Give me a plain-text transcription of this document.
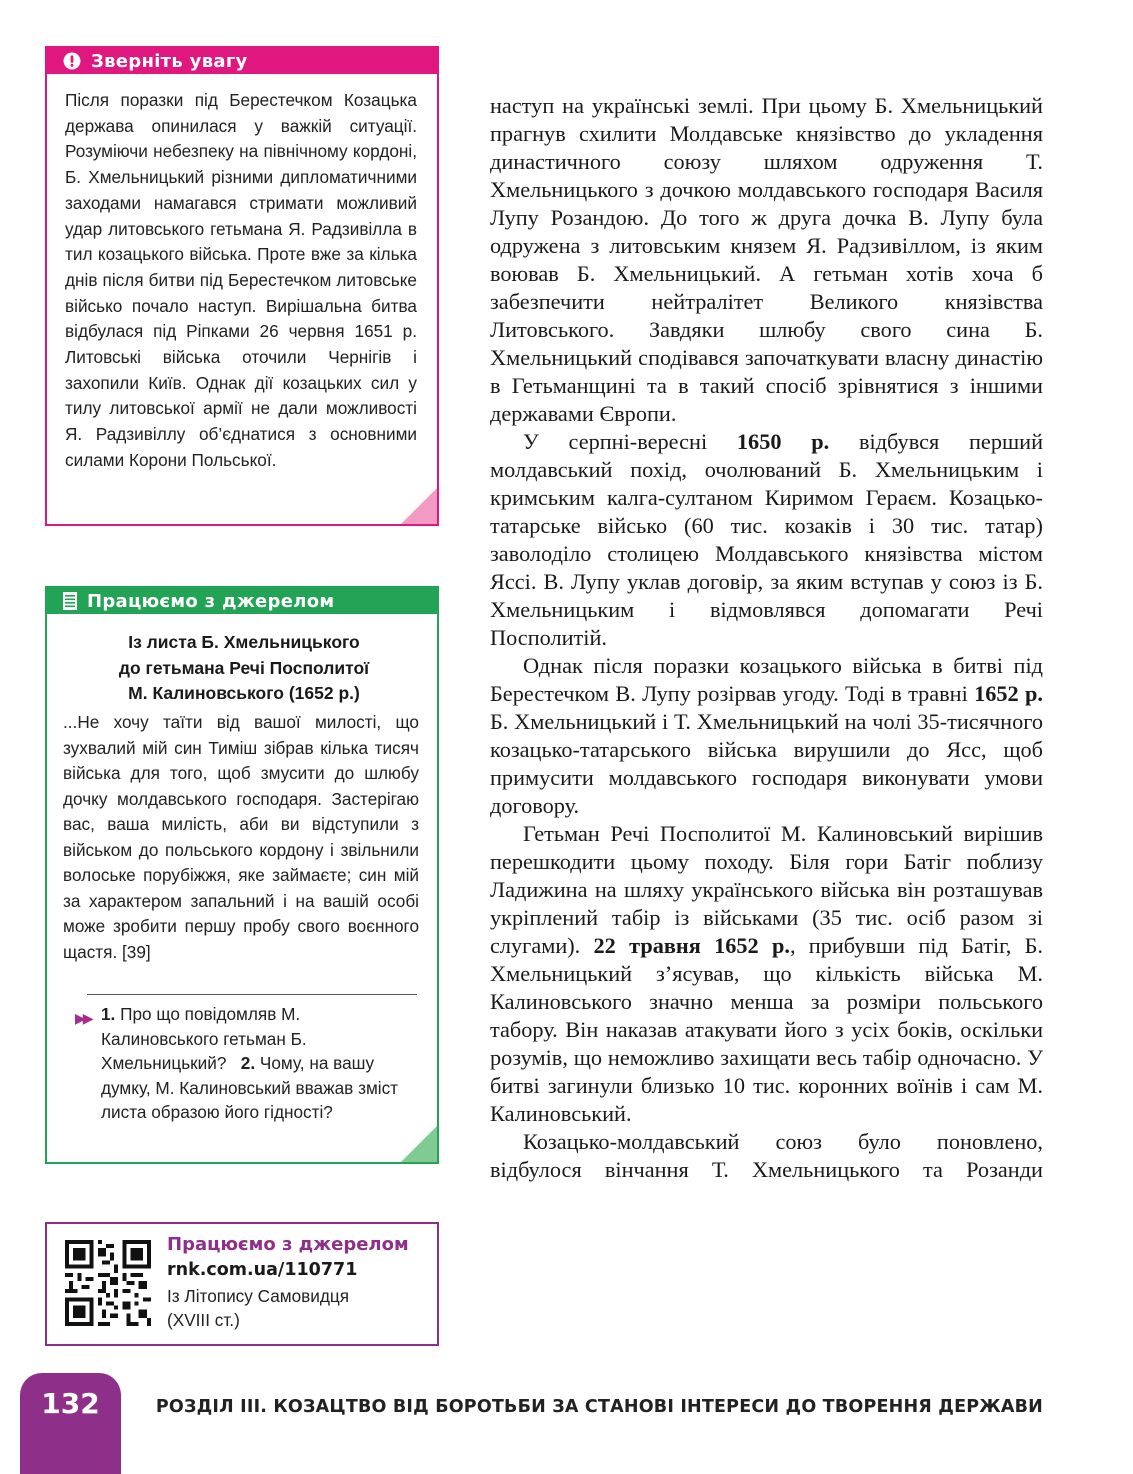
Зверніть увагу
Після поразки під Берестечком Козацька держава опинилася у важкій ситуації. Розуміючи небезпеку на північному кордоні, Б. Хмельницький різними дипломатичними заходами намагався стримати можливий удар литовського гетьмана Я. Радзивілла в тил козацького війська. Проте вже за кілька днів після битви під Берестечком литовське військо почало наступ. Вирішальна битва відбулася під Ріпками 26 червня 1651 р. Литовські війська оточили Чернігів і захопили Київ. Однак дії козацьких сил у тилу литовської армії не дали можливості Я. Радзивіллу об’єднатися з основними силами Корони Польської.
Працюємо з джерелом
Із листа Б. Хмельницького
до гетьмана Речі Посполитої
М. Калиновського (1652 р.)
...Не хочу таїти від вашої милості, що зухвалий мій син Тиміш зібрав кілька тисяч війська для того, щоб змусити до шлюбу дочку молдавського господаря. Застерігаю вас, ваша милість, аби ви відступили з військом до польського кордону і звільнили волоське порубіжжя, яке займаєте; син мій за характером запальний і на вашій особі може зробити першу пробу свого воєнного щастя. [39]
▶▶ 1. Про що повідомляв М. Калиновського гетьман Б. Хмельницький? 2. Чому, на вашу думку, М. Калиновський вважав зміст листа образою його гідності?
Працюємо з джерелом
rnk.com.ua/110771
Із Літопису Самовидця
(XVIII ст.)

наступ на українські землі. При цьому Б. Хмельницький прагнув схилити Молдавське князівство до укладення династичного союзу шляхом одруження Т. Хмельницького з дочкою молдавського господаря Василя Лупу Розандою. До того ж друга дочка В. Лупу була одружена з литовським князем Я. Радзивіллом, із яким воював Б. Хмельницький. А гетьман хотів хоча б забезпечити нейтралітет Великого князівства Литовського. Завдяки шлюбу свого сина Б. Хмельницький сподівався започаткувати власну династію в Гетьманщині та в такий спосіб зрівнятися з іншими державами Європи.

У серпні-вересні 1650 р. відбувся перший молдавський похід, очолюваний Б. Хмельницьким і кримським калга-султаном Киримом Гераєм. Козацько-татарське військо (60 тис. козаків і 30 тис. татар) заволоділо столицею Молдавського князівства містом Яссі. В. Лупу уклав договір, за яким вступав у союз із Б. Хмельницьким і відмовлявся допомагати Речі Посполитій.

Однак після поразки козацького війська в битві під Берестечком В. Лупу розірвав угоду. Тоді в травні 1652 р. Б. Хмельницький і Т. Хмельницький на чолі 35-тисячного козацько-татарського війська вирушили до Ясс, щоб примусити молдавського господаря виконувати умови договору.

Гетьман Речі Посполитої М. Калиновський вирішив перешкодити цьому походу. Біля гори Батіг поблизу Ладижина на шляху українського війська він розташував укріплений табір із військами (35 тис. осіб разом зі слугами). 22 травня 1652 р., прибувши під Батіг, Б. Хмельницький з’ясував, що кількість війська М. Калиновського значно менша за розміри польського табору. Він наказав атакувати його з усіх боків, оскільки розумів, що неможливо захищати весь табір одночасно. У битві загинули близько 10 тис. коронних воїнів і сам М. Калиновський.

Козацько-молдавський союз було поновлено, відбулося вінчання Т. Хмельницького та Розанди

132	РОЗДІЛ ІІІ. КОЗАЦТВО ВІД БОРОТЬБИ ЗА СТАНОВІ ІНТЕРЕСИ ДО ТВОРЕННЯ ДЕРЖАВИ
